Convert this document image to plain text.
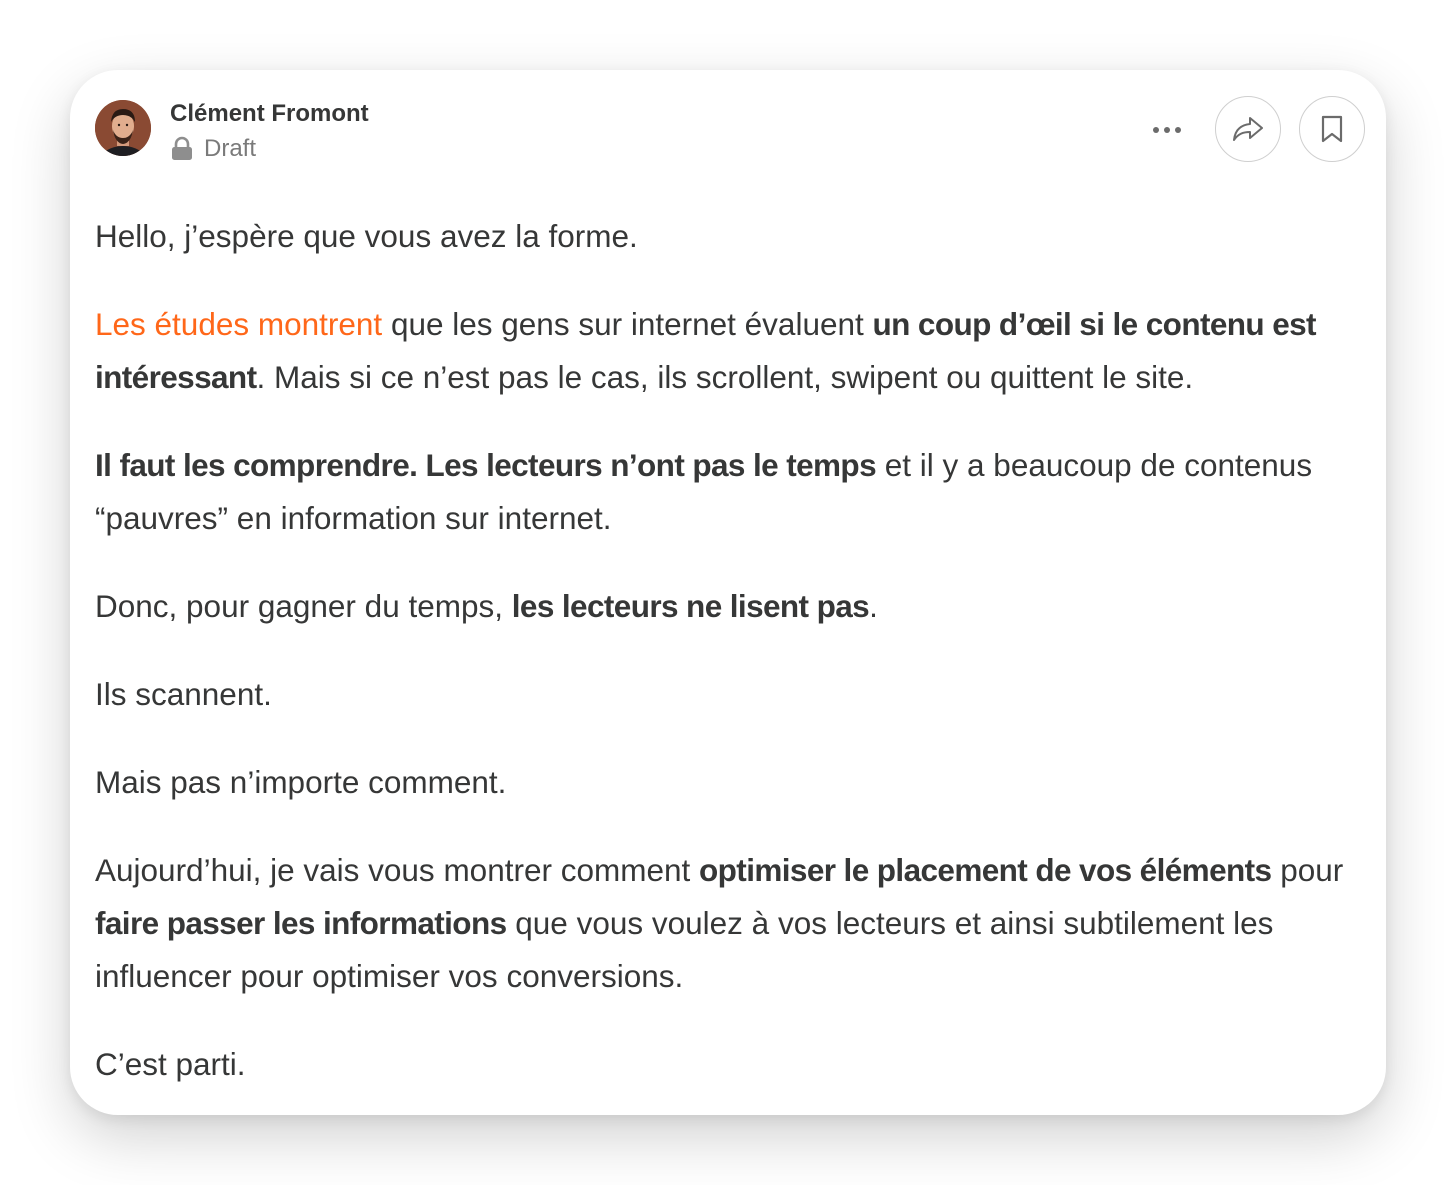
Clément Fromont
Draft

Hello, j’espère que vous avez la forme.

Les études montrent que les gens sur internet évaluent un coup d’œil si le contenu est intéressant. Mais si ce n’est pas le cas, ils scrollent, swipent ou quittent le site.

Il faut les comprendre. Les lecteurs n’ont pas le temps et il y a beaucoup de contenus “pauvres” en information sur internet.

Donc, pour gagner du temps, les lecteurs ne lisent pas.

Ils scannent.

Mais pas n’importe comment.

Aujourd’hui, je vais vous montrer comment optimiser le placement de vos éléments pour faire passer les informations que vous voulez à vos lecteurs et ainsi subtilement les influencer pour optimiser vos conversions.

C’est parti.
